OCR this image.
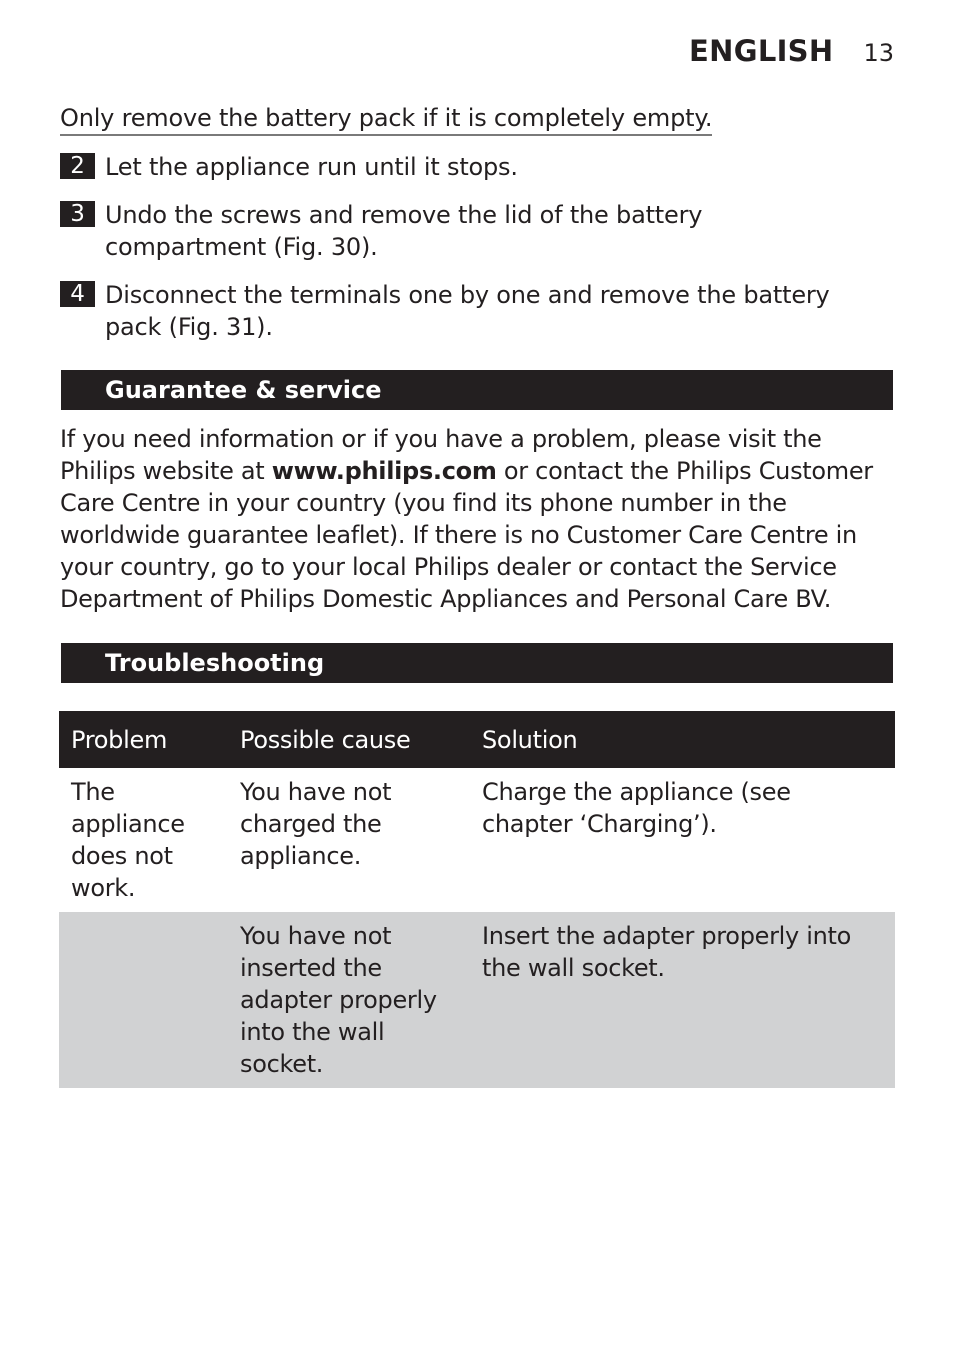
ENGLISH 13
Only remove the battery pack if it is completely empty.
2 Let the appliance run until it stops.
3 Undo the screws and remove the lid of the battery compartment (Fig. 30).
4 Disconnect the terminals one by one and remove the battery pack (Fig. 31).
Guarantee & service
If you need information or if you have a problem, please visit the Philips website at www.philips.com or contact the Philips Customer Care Centre in your country (you find its phone number in the worldwide guarantee leaflet). If there is no Customer Care Centre in your country, go to your local Philips dealer or contact the Service Department of Philips Domestic Appliances and Personal Care BV.
Troubleshooting
Problem	Possible cause	Solution
The appliance does not work.	You have not charged the appliance.	Charge the appliance (see chapter ‘Charging’).
	You have not inserted the adapter properly into the wall socket.	Insert the adapter properly into the wall socket.
